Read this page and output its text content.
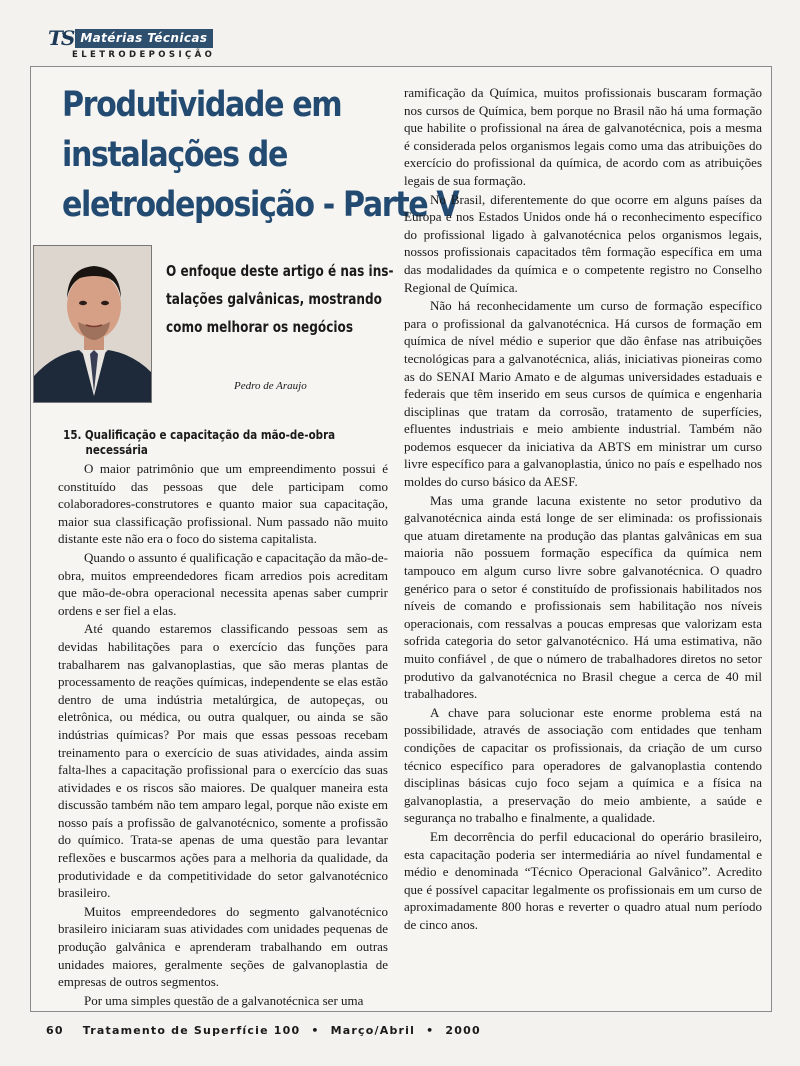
TS Matérias Técnicas
ELETRODEPOSIÇÃO
Produtividade em
instalações de
eletrodeposição - Parte V
O enfoque deste artigo é nas ins-
talações galvânicas, mostrando
como melhorar os negócios
Pedro de Araujo
15. Qualificação e capacitação da mão-de-obra
necessária

O maior patrimônio que um empreendimento possui é constituído das pessoas que dele participam como colaboradores-construtores e quanto maior sua capacitação, maior sua classificação profissional. Num passado não muito distante este não era o foco do sistema capitalista.

Quando o assunto é qualificação e capacitação da mão-de-obra, muitos empreendedores ficam arredios pois acreditam que mão-de-obra operacional necessita apenas saber cumprir ordens e ser fiel a elas.

Até quando estaremos classificando pessoas sem as devidas habilitações para o exercício das funções para trabalharem nas galvanoplastias, que são meras plantas de processamento de reações químicas, independente se elas estão dentro de uma indústria metalúrgica, de autopeças, ou eletrônica, ou médica, ou outra qualquer, ou ainda se são indústrias químicas? Por mais que essas pessoas recebam treinamento para o exercício de suas atividades, ainda assim falta-lhes a capacitação profissional para o exercício das suas atividades e os riscos são maiores. De qualquer maneira esta discussão também não tem amparo legal, porque não existe em nosso país a profissão de galvanotécnico, somente a profissão do químico. Trata-se apenas de uma questão para levantar reflexões e buscarmos ações para a melhoria da qualidade, da produtividade e da competitividade do setor galvanotécnico brasileiro.

Muitos empreendedores do segmento galvanotécnico brasileiro iniciaram suas atividades com unidades pequenas de produção galvânica e aprenderam trabalhando em outras unidades maiores, geralmente seções de galvanoplastia de empresas de outros segmentos.

Por uma simples questão de a galvanotécnica ser uma

ramificação da Química, muitos profissionais buscaram formação nos cursos de Química, bem porque no Brasil não há uma formação que habilite o profissional na área de galvanotécnica, pois a mesma é considerada pelos organismos legais como uma das atribuições do exercício do profissional da química, de acordo com as atribuições legais de sua formação.

No Brasil, diferentemente do que ocorre em alguns países da Europa e nos Estados Unidos onde há o reconhecimento específico do profissional ligado à galvanotécnica pelos organismos legais, nossos profissionais capacitados têm formação específica em uma das modalidades da química e o competente registro no Conselho Regional de Química.

Não há reconhecidamente um curso de formação específico para o profissional da galvanotécnica. Há cursos de formação em química de nível médio e superior que dão ênfase nas atribuições tecnológicas para a galvanotécnica, aliás, iniciativas pioneiras como as do SENAI Mario Amato e de algumas universidades estaduais e federais que têm inserido em seus cursos de química e engenharia disciplinas que tratam da corrosão, tratamento de superfícies, efluentes industriais e meio ambiente industrial. Também não podemos esquecer da iniciativa da ABTS em ministrar um curso livre específico para a galvanoplastia, único no país e espelhado nos moldes do curso básico da AESF.

Mas uma grande lacuna existente no setor produtivo da galvanotécnica ainda está longe de ser eliminada: os profissionais que atuam diretamente na produção das plantas galvânicas em sua maioria não possuem formação específica da química nem tampouco em algum curso livre sobre galvanotécnica. O quadro genérico para o setor é constituído de profissionais habilitados nos níveis de comando e profissionais sem habilitação nos níveis operacionais, com ressalvas a poucas empresas que valorizam esta sofrida categoria do setor galvanotécnico. Há uma estimativa, não muito confiável , de que o número de trabalhadores diretos no setor produtivo da galvanotécnica no Brasil chegue a cerca de 40 mil trabalhadores.

A chave para solucionar este enorme problema está na possibilidade, através de associação com entidades que tenham condições de capacitar os profissionais, da criação de um curso técnico específico para operadores de galvanoplastia contendo disciplinas básicas cujo foco sejam a química e a física na galvanoplastia, a preservação do meio ambiente, a saúde e segurança no trabalho e finalmente, a qualidade.

Em decorrência do perfil educacional do operário brasileiro, esta capacitação poderia ser intermediária ao nível fundamental e médio e denominada “Técnico Operacional Galvânico”. Acredito que é possível capacitar legalmente os profissionais em um curso de aproximadamente 800 horas e reverter o quadro atual num período de cinco anos.

60 Tratamento de Superfície 100 • Março/Abril • 2000
